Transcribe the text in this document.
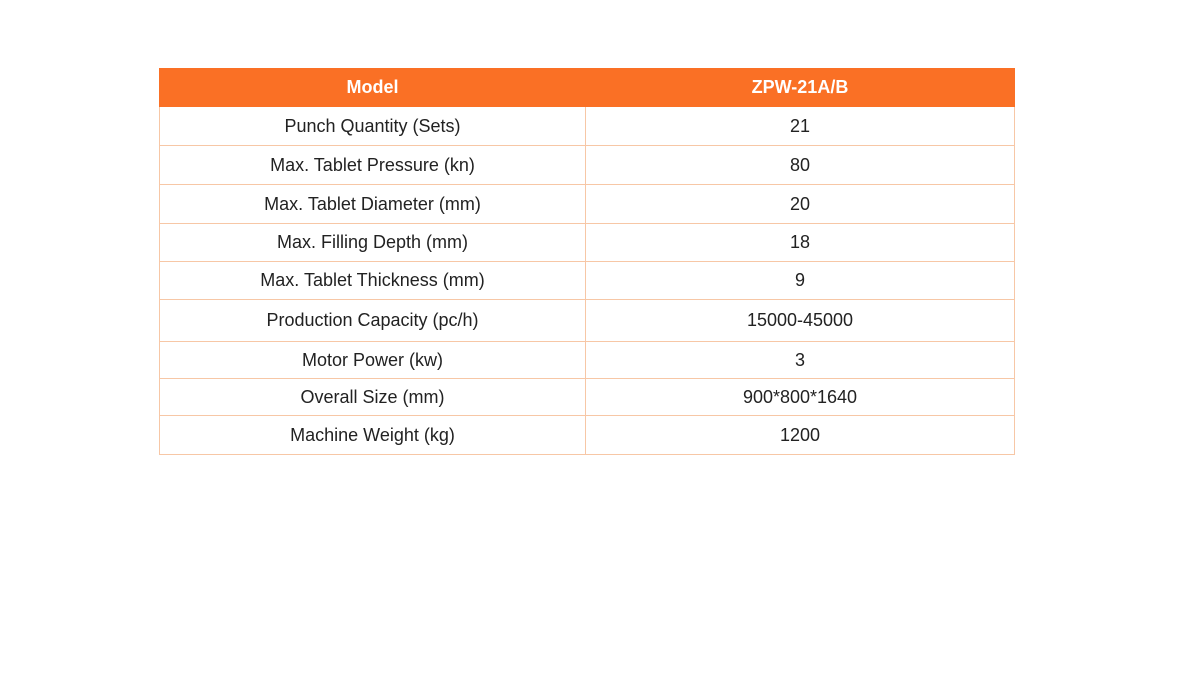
Model	ZPW-21A/B
Punch Quantity (Sets)	21
Max. Tablet Pressure (kn)	80
Max. Tablet Diameter (mm)	20
Max. Filling Depth (mm)	18
Max. Tablet Thickness (mm)	9
Production Capacity (pc/h)	15000-45000
Motor Power (kw)	3
Overall Size (mm)	900*800*1640
Machine Weight (kg)	1200
